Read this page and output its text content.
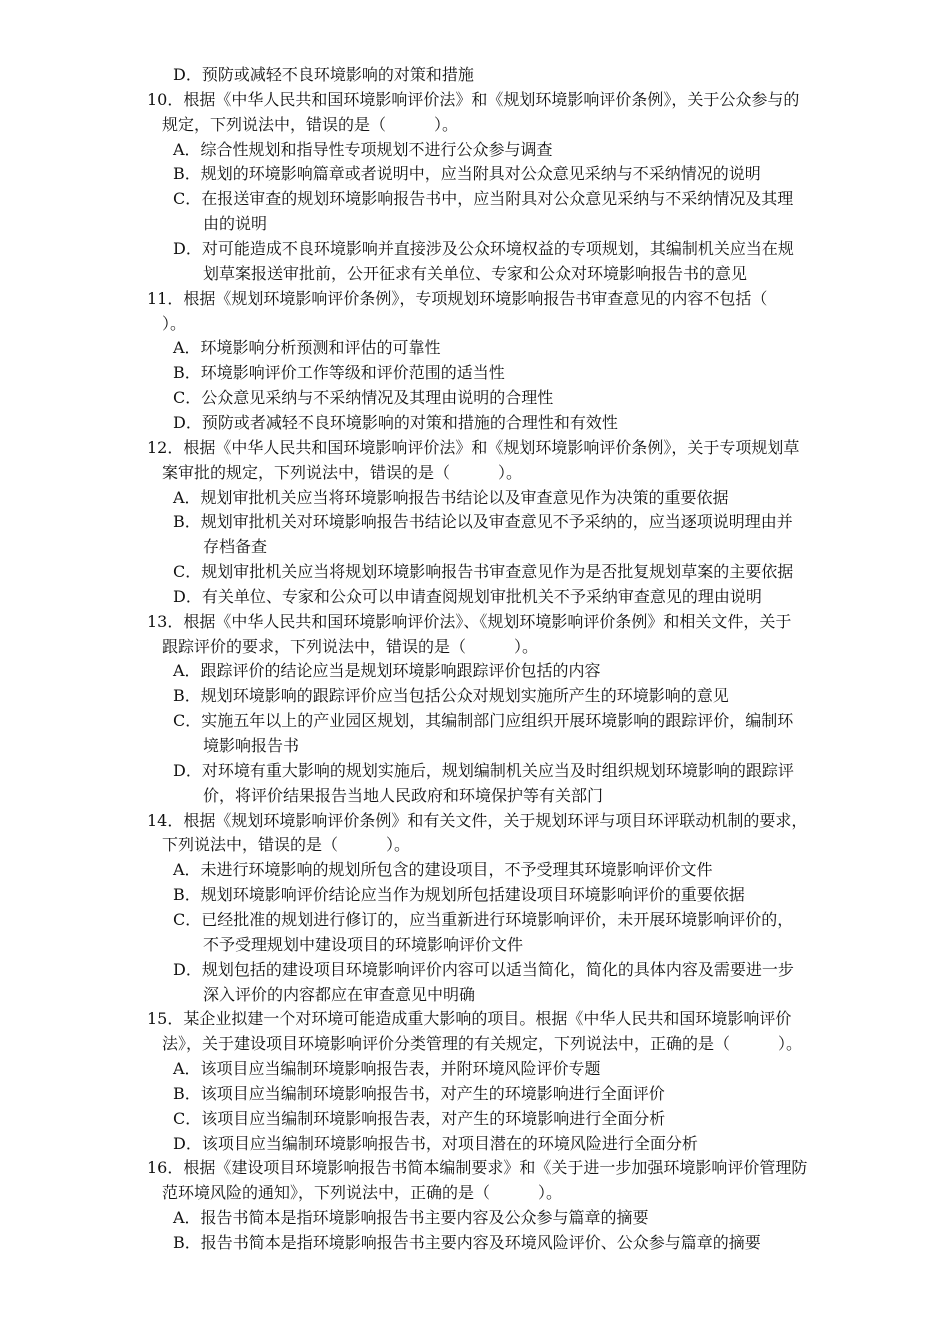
D．预防或减轻不良环境影响的对策和措施
10．根据《中华人民共和国环境影响评价法》和《规划环境影响评价条例》，关于公众参与的
规定，下列说法中，错误的是（　　　）。
A．综合性规划和指导性专项规划不进行公众参与调查
B．规划的环境影响篇章或者说明中，应当附具对公众意见采纳与不采纳情况的说明
C．在报送审查的规划环境影响报告书中，应当附具对公众意见采纳与不采纳情况及其理
由的说明
D．对可能造成不良环境影响并直接涉及公众环境权益的专项规划，其编制机关应当在规
划草案报送审批前，公开征求有关单位、专家和公众对环境影响报告书的意见
11．根据《规划环境影响评价条例》，专项规划环境影响报告书审查意见的内容不包括（
）。
A．环境影响分析预测和评估的可靠性
B．环境影响评价工作等级和评价范围的适当性
C．公众意见采纳与不采纳情况及其理由说明的合理性
D．预防或者减轻不良环境影响的对策和措施的合理性和有效性
12．根据《中华人民共和国环境影响评价法》和《规划环境影响评价条例》，关于专项规划草
案审批的规定，下列说法中，错误的是（　　　）。
A．规划审批机关应当将环境影响报告书结论以及审查意见作为决策的重要依据
B．规划审批机关对环境影响报告书结论以及审查意见不予采纳的，应当逐项说明理由并
存档备查
C．规划审批机关应当将规划环境影响报告书审查意见作为是否批复规划草案的主要依据
D．有关单位、专家和公众可以申请查阅规划审批机关不予采纳审查意见的理由说明
13．根据《中华人民共和国环境影响评价法》、《规划环境影响评价条例》和相关文件，关于
跟踪评价的要求，下列说法中，错误的是（　　　）。
A．跟踪评价的结论应当是规划环境影响跟踪评价包括的内容
B．规划环境影响的跟踪评价应当包括公众对规划实施所产生的环境影响的意见
C．实施五年以上的产业园区规划，其编制部门应组织开展环境影响的跟踪评价，编制环
境影响报告书
D．对环境有重大影响的规划实施后，规划编制机关应当及时组织规划环境影响的跟踪评
价，将评价结果报告当地人民政府和环境保护等有关部门
14．根据《规划环境影响评价条例》和有关文件，关于规划环评与项目环评联动机制的要求，
下列说法中，错误的是（　　　）。
A．未进行环境影响的规划所包含的建设项目，不予受理其环境影响评价文件
B．规划环境影响评价结论应当作为规划所包括建设项目环境影响评价的重要依据
C．已经批准的规划进行修订的，应当重新进行环境影响评价，未开展环境影响评价的，
不予受理规划中建设项目的环境影响评价文件
D．规划包括的建设项目环境影响评价内容可以适当简化，简化的具体内容及需要进一步
深入评价的内容都应在审查意见中明确
15．某企业拟建一个对环境可能造成重大影响的项目。根据《中华人民共和国环境影响评价
法》，关于建设项目环境影响评价分类管理的有关规定，下列说法中，正确的是（　　　）。
A．该项目应当编制环境影响报告表，并附环境风险评价专题
B．该项目应当编制环境影响报告书，对产生的环境影响进行全面评价
C．该项目应当编制环境影响报告表，对产生的环境影响进行全面分析
D．该项目应当编制环境影响报告书，对项目潜在的环境风险进行全面分析
16．根据《建设项目环境影响报告书简本编制要求》和《关于进一步加强环境影响评价管理防
范环境风险的通知》，下列说法中，正确的是（　　　）。
A．报告书简本是指环境影响报告书主要内容及公众参与篇章的摘要
B．报告书简本是指环境影响报告书主要内容及环境风险评价、公众参与篇章的摘要
